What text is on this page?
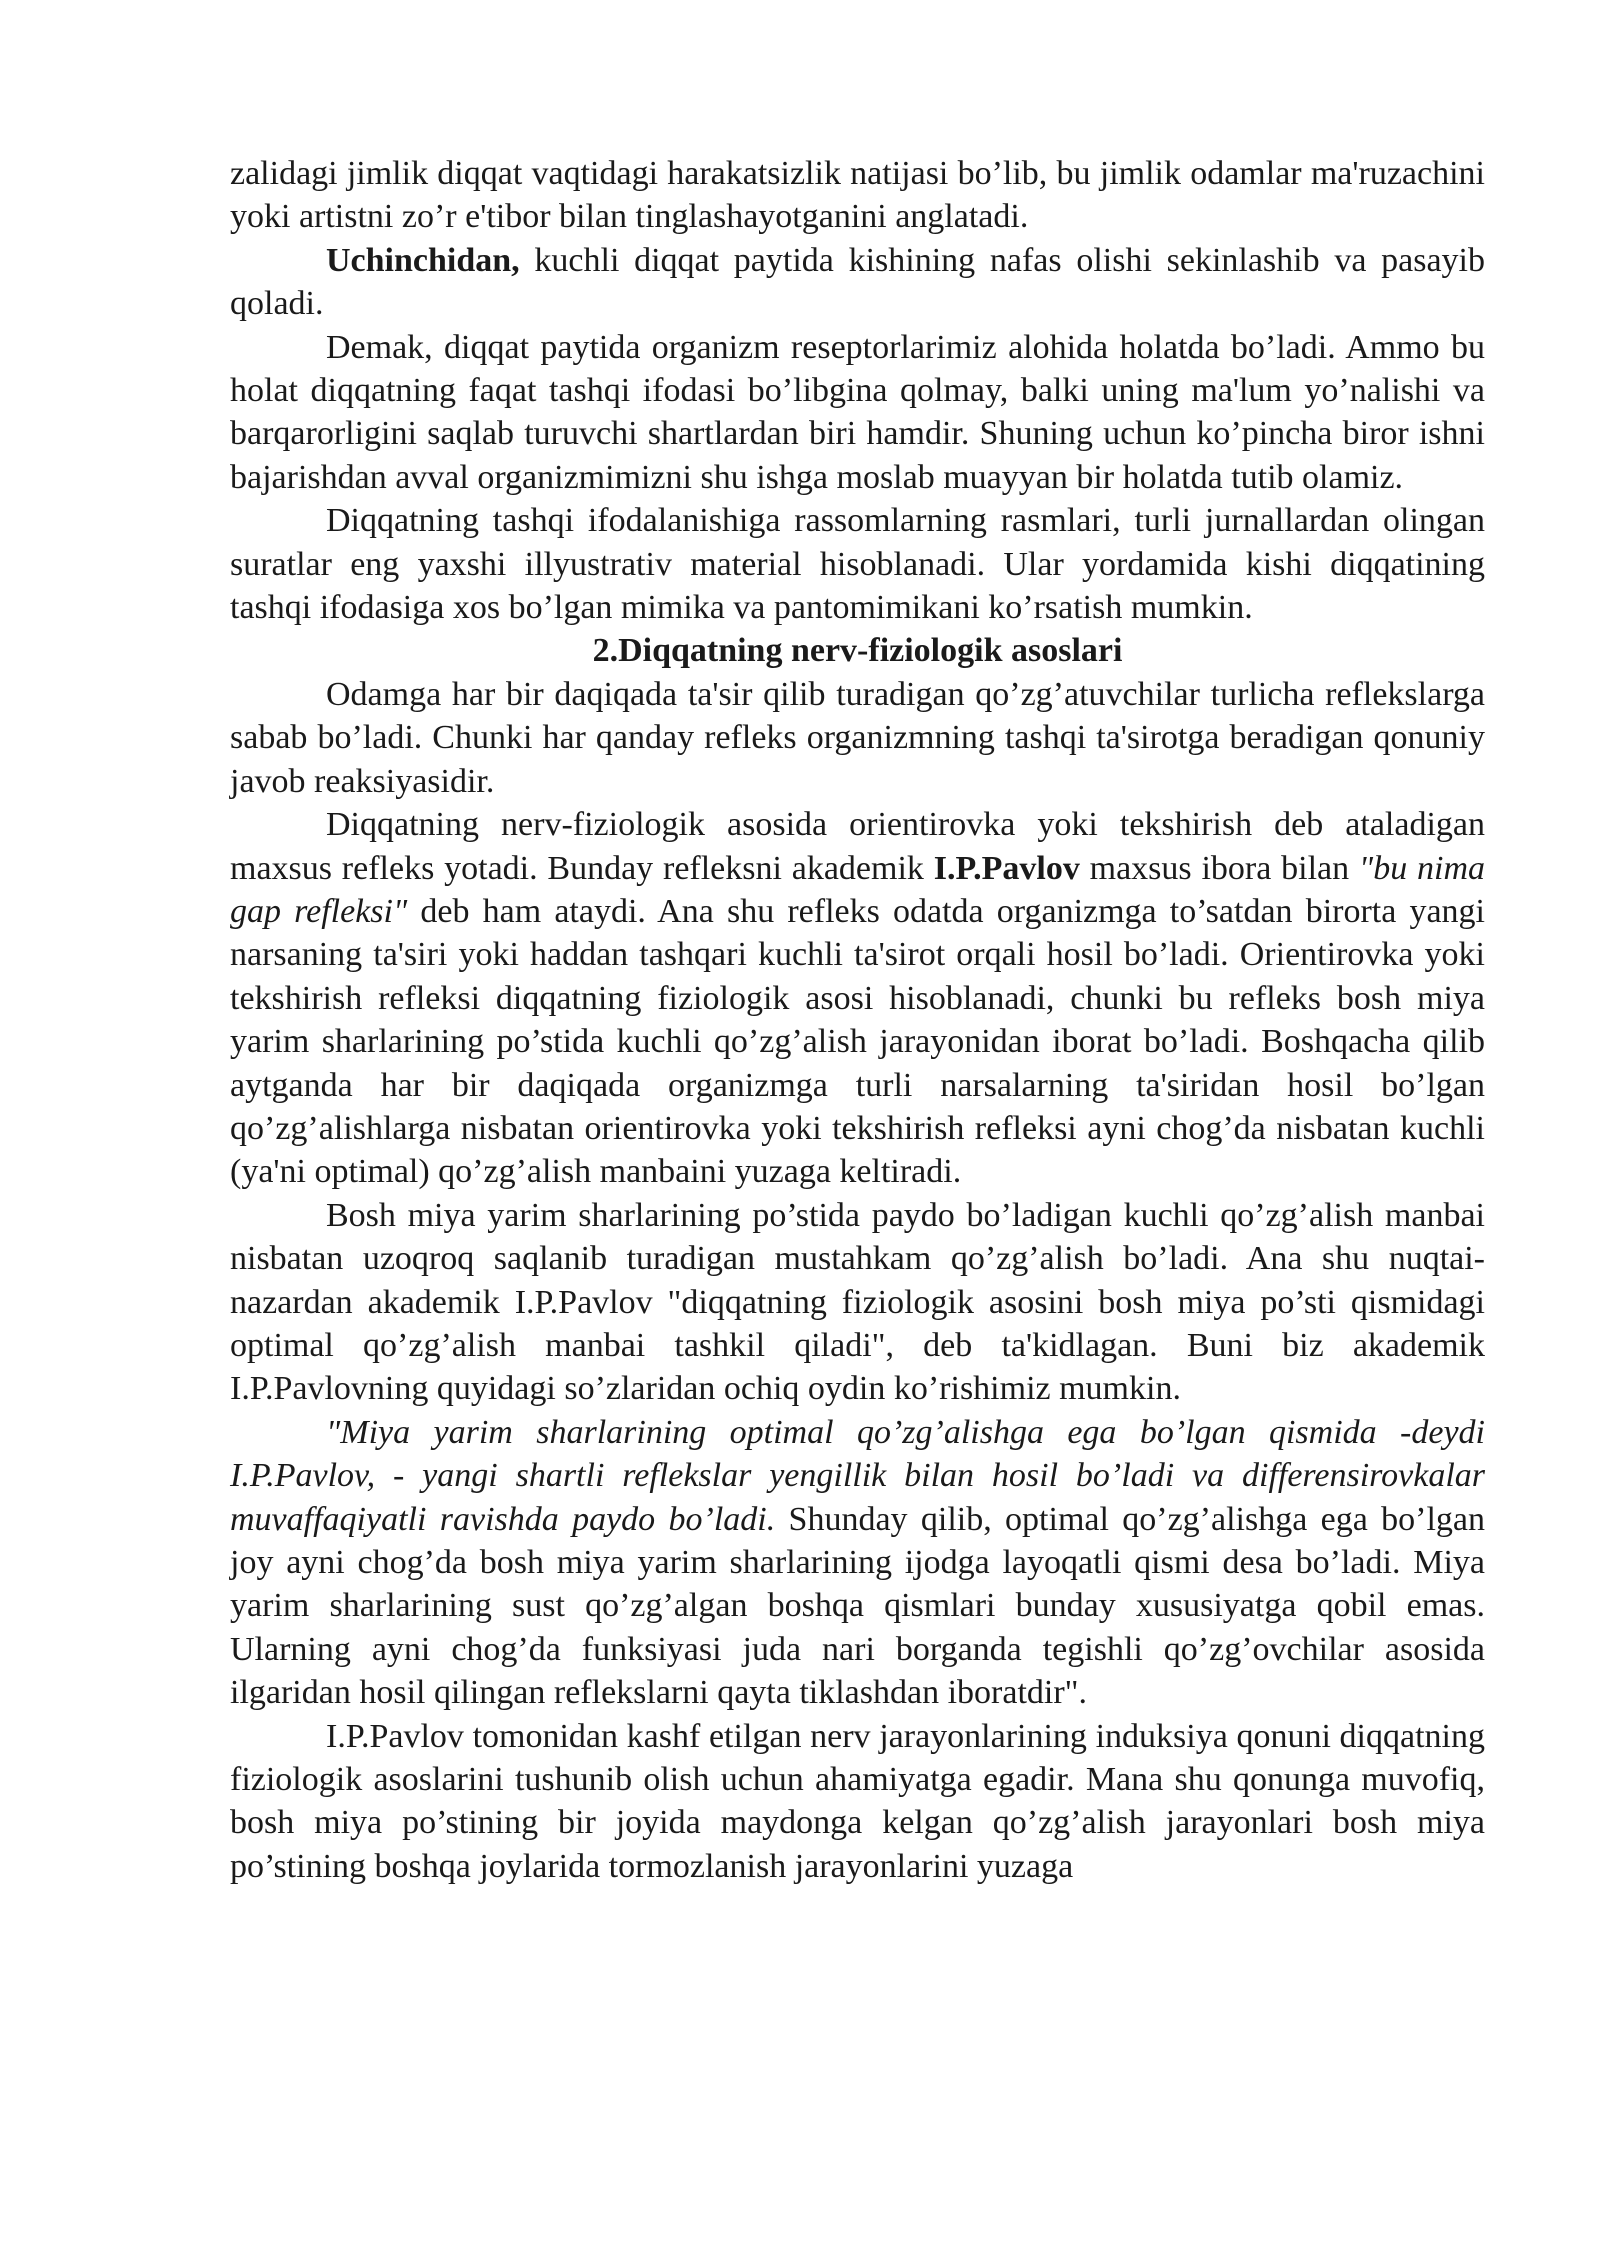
zalidagi jimlik diqqat vaqtidagi harakatsizlik natijasi bo’lib, bu jimlik odamlar ma'ruzachini yoki artistni zo’r e'tibor bilan tinglashayotganini anglatadi.

Uchinchidan, kuchli diqqat paytida kishining nafas olishi sekinlashib va pasayib qoladi.

Demak, diqqat paytida organizm reseptorlarimiz alohida holatda bo’ladi. Ammo bu holat diqqatning faqat tashqi ifodasi bo’libgina qolmay, balki uning ma'lum yo’nalishi va barqarorligini saqlab turuvchi shartlardan biri hamdir. Shuning uchun ko’pincha biror ishni bajarishdan avval organizmimizni shu ishga moslab muayyan bir holatda tutib olamiz.

Diqqatning tashqi ifodalanishiga rassomlarning rasmlari, turli jurnallardan olingan suratlar eng yaxshi illyustrativ material hisoblanadi. Ular yordamida kishi diqqatining tashqi ifodasiga xos bo’lgan mimika va pantomimikani ko’rsatish mumkin.

2.Diqqatning nerv-fiziologik asoslari

Odamga har bir daqiqada ta'sir qilib turadigan qo’zg’atuvchilar turlicha reflekslarga sabab bo’ladi. Chunki har qanday refleks organizmning tashqi ta'sirotga beradigan qonuniy javob reaksiyasidir.

Diqqatning nerv-fiziologik asosida orientirovka yoki tekshirish deb ataladigan maxsus refleks yotadi. Bunday refleksni akademik I.P.Pavlov maxsus ibora bilan "bu nima gap refleksi" deb ham ataydi. Ana shu refleks odatda organizmga to’satdan birorta yangi narsaning ta'siri yoki haddan tashqari kuchli ta'sirot orqali hosil bo’ladi. Orientirovka yoki tekshirish refleksi diqqatning fiziologik asosi hisoblanadi, chunki bu refleks bosh miya yarim sharlarining po’stida kuchli qo’zg’alish jarayonidan iborat bo’ladi. Boshqacha qilib aytganda har bir daqiqada organizmga turli narsalarning ta'siridan hosil bo’lgan qo’zg’alishlarga nisbatan orientirovka yoki tekshirish refleksi ayni chog’da nisbatan kuchli (ya'ni optimal) qo’zg’alish manbaini yuzaga keltiradi.

Bosh miya yarim sharlarining po’stida paydo bo’ladigan kuchli qo’zg’alish manbai nisbatan uzoqroq saqlanib turadigan mustahkam qo’zg’alish bo’ladi. Ana shu nuqtai- nazardan akademik I.P.Pavlov "diqqatning fiziologik asosini bosh miya po’sti qismidagi optimal qo’zg’alish manbai tashkil qiladi", deb ta'kidlagan. Buni biz akademik I.P.Pavlovning quyidagi so’zlaridan ochiq oydin ko’rishimiz mumkin.

"Miya yarim sharlarining optimal qo’zg’alishga ega bo’lgan qismida -deydi I.P.Pavlov, - yangi shartli reflekslar yengillik bilan hosil bo’ladi va differensirovkalar muvaffaqiyatli ravishda paydo bo’ladi. Shunday qilib, optimal qo’zg’alishga ega bo’lgan joy ayni chog’da bosh miya yarim sharlarining ijodga layoqatli qismi desa bo’ladi. Miya yarim sharlarining sust qo’zg’algan boshqa qismlari bunday xususiyatga qobil emas. Ularning ayni chog’da funksiyasi juda nari borganda tegishli qo’zg’ovchilar asosida ilgaridan hosil qilingan reflekslarni qayta tiklashdan iboratdir".

I.P.Pavlov tomonidan kashf etilgan nerv jarayonlarining induksiya qonuni diqqatning fiziologik asoslarini tushunib olish uchun ahamiyatga egadir. Mana shu qonunga muvofiq, bosh miya po’stining bir joyida maydonga kelgan qo’zg’alish jarayonlari bosh miya po’stining boshqa joylarida tormozlanish jarayonlarini yuzaga
